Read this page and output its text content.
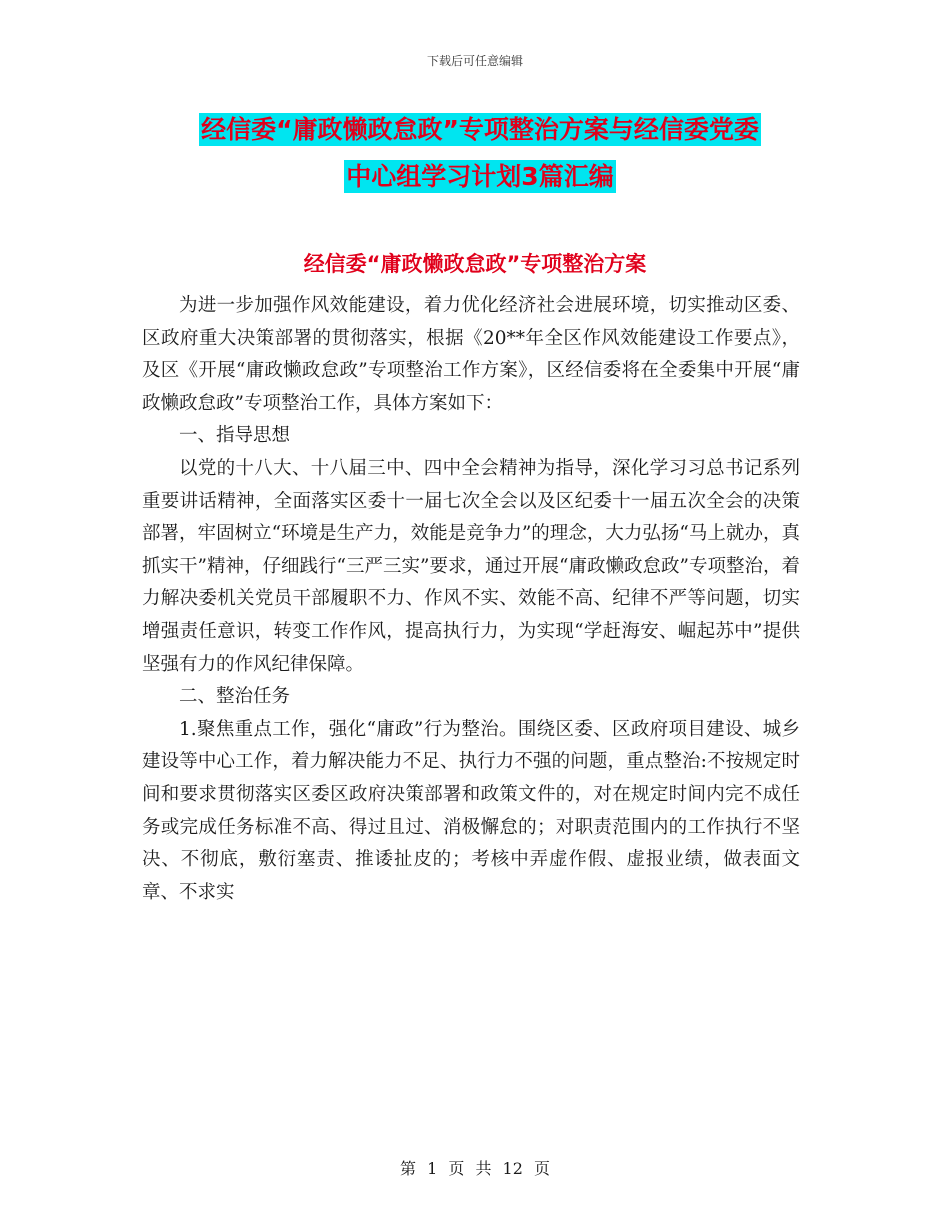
下载后可任意编辑
经信委“庸政懒政怠政”专项整治方案与经信委党委
中心组学习计划3篇汇编
经信委“庸政懒政怠政”专项整治方案

为进一步加强作风效能建设，着力优化经济社会进展环境，切实推动区委、区政府重大决策部署的贯彻落实，根据《20**年全区作风效能建设工作要点》，及区《开展“庸政懒政怠政”专项整治工作方案》，区经信委将在全委集中开展“庸政懒政怠政”专项整治工作，具体方案如下：

一、指导思想

以党的十八大、十八届三中、四中全会精神为指导，深化学习习总书记系列重要讲话精神，全面落实区委十一届七次全会以及区纪委十一届五次全会的决策部署，牢固树立“环境是生产力，效能是竞争力”的理念，大力弘扬“马上就办，真抓实干”精神，仔细践行“三严三实”要求，通过开展“庸政懒政怠政”专项整治，着力解决委机关党员干部履职不力、作风不实、效能不高、纪律不严等问题，切实增强责任意识，转变工作作风，提高执行力，为实现“学赶海安、崛起苏中”提供坚强有力的作风纪律保障。

二、整治任务

1.聚焦重点工作，强化“庸政”行为整治。围绕区委、区政府项目建设、城乡建设等中心工作，着力解决能力不足、执行力不强的问题，重点整治:不按规定时间和要求贯彻落实区委区政府决策部署和政策文件的，对在规定时间内完不成任务或完成任务标准不高、得过且过、消极懈怠的；对职责范围内的工作执行不坚决、不彻底，敷衍塞责、推诿扯皮的；考核中弄虚作假、虚报业绩，做表面文章、不求实

第 1 页 共 12 页
